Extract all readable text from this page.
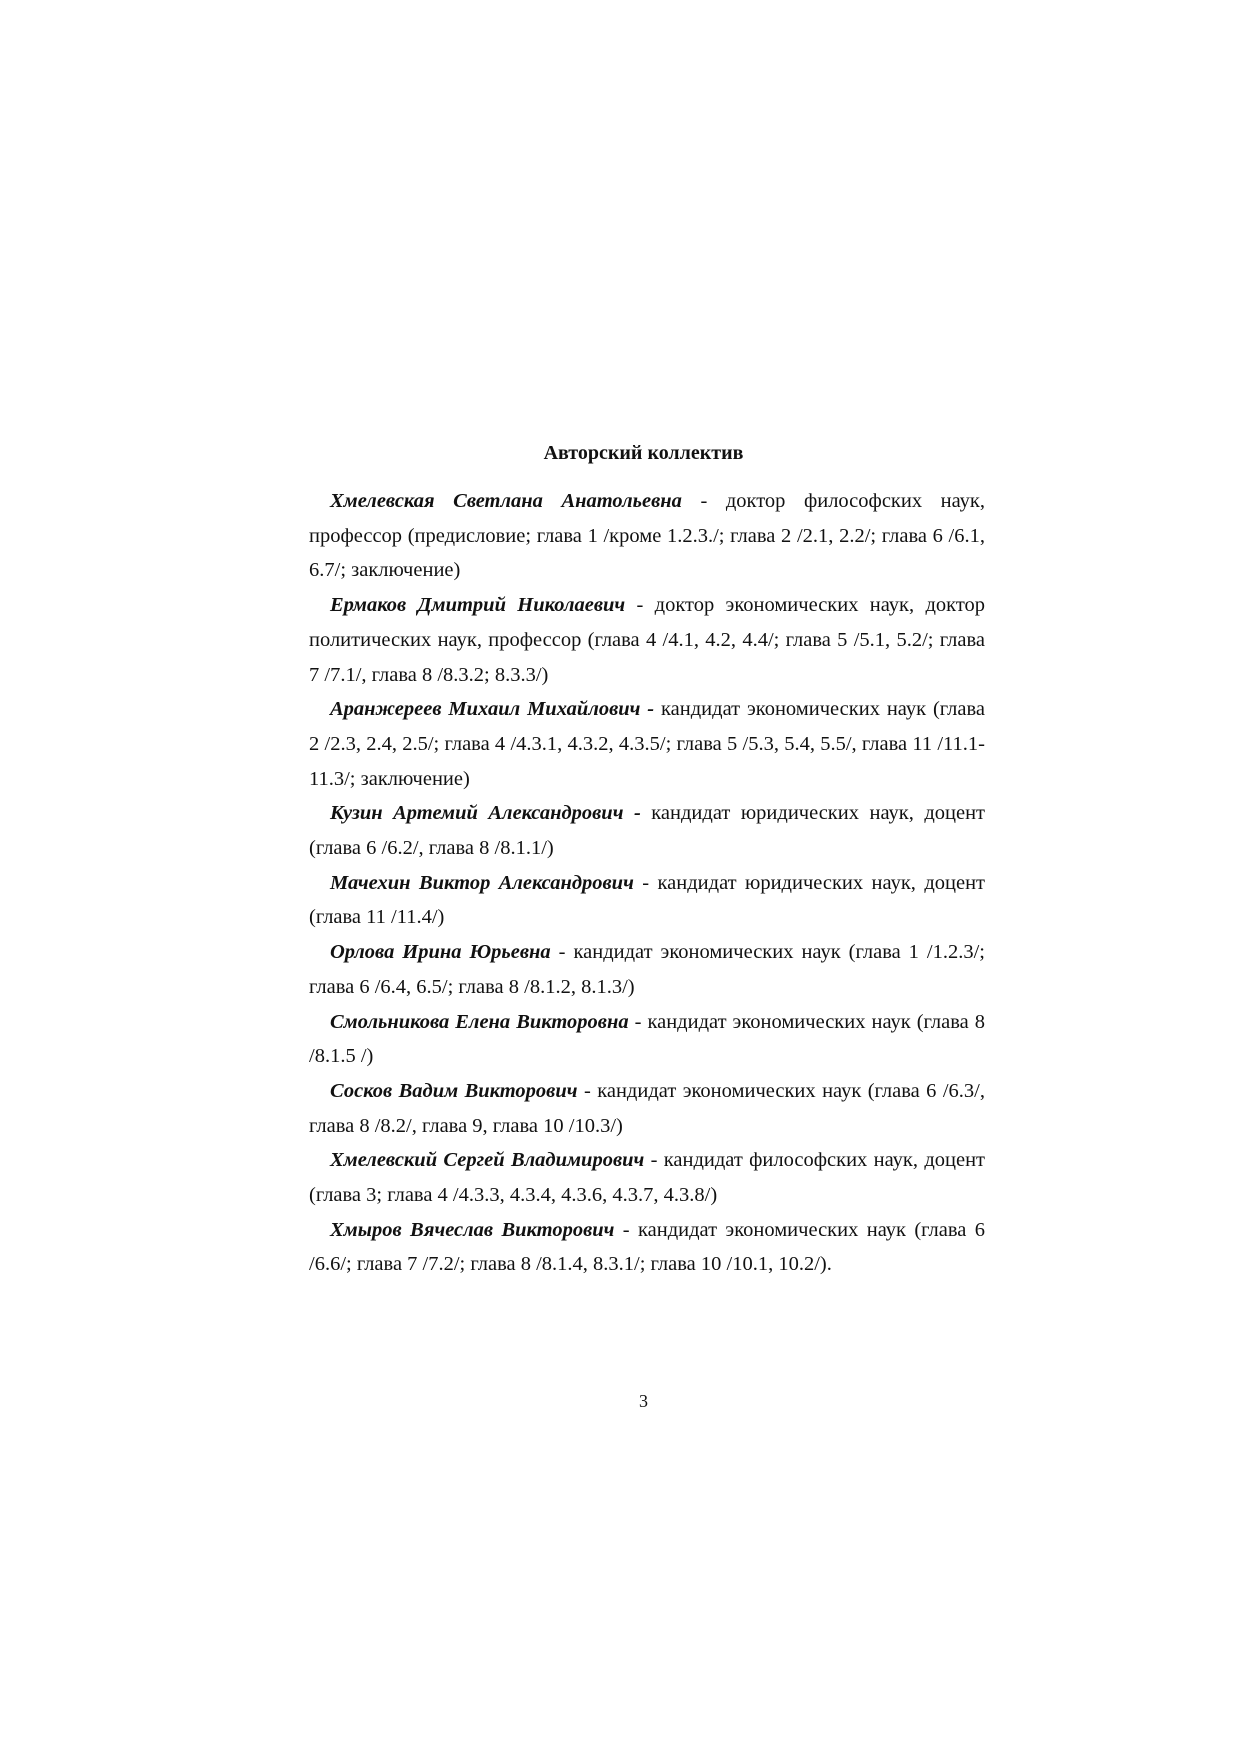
Авторский коллектив

Хмелевская Светлана Анатольевна - доктор философских наук, профессор (предисловие; глава 1 /кроме 1.2.3./; глава 2 /2.1, 2.2/; глава 6 /6.1, 6.7/; заключение)

Ермаков Дмитрий Николаевич - доктор экономических наук, доктор политических наук, профессор (глава 4 /4.1, 4.2, 4.4/; глава 5 /5.1, 5.2/; глава 7 /7.1/, глава 8 /8.3.2; 8.3.3/)

Аранжереев Михаил Михайлович - кандидат экономических наук (глава 2 /2.3, 2.4, 2.5/; глава 4 /4.3.1, 4.3.2, 4.3.5/; глава 5 /5.3, 5.4, 5.5/, глава 11 /11.1-11.3/; заключение)

Кузин Артемий Александрович - кандидат юридических наук, доцент (глава 6 /6.2/, глава 8 /8.1.1/)

Мачехин Виктор Александрович - кандидат юридических наук, доцент (глава 11 /11.4/)

Орлова Ирина Юрьевна - кандидат экономических наук (глава 1 /1.2.3/; глава 6 /6.4, 6.5/; глава 8 /8.1.2, 8.1.3/)

Смольникова Елена Викторовна - кандидат экономических наук (глава 8 /8.1.5 /)

Сосков Вадим Викторович - кандидат экономических наук (глава 6 /6.3/, глава 8 /8.2/, глава 9, глава 10 /10.3/)

Хмелевский Сергей Владимирович - кандидат философских наук, доцент (глава 3; глава 4 /4.3.3, 4.3.4, 4.3.6, 4.3.7, 4.3.8/)

Хмыров Вячеслав Викторович - кандидат экономических наук (глава 6 /6.6/; глава 7 /7.2/; глава 8 /8.1.4, 8.3.1/; глава 10 /10.1, 10.2/).

3
